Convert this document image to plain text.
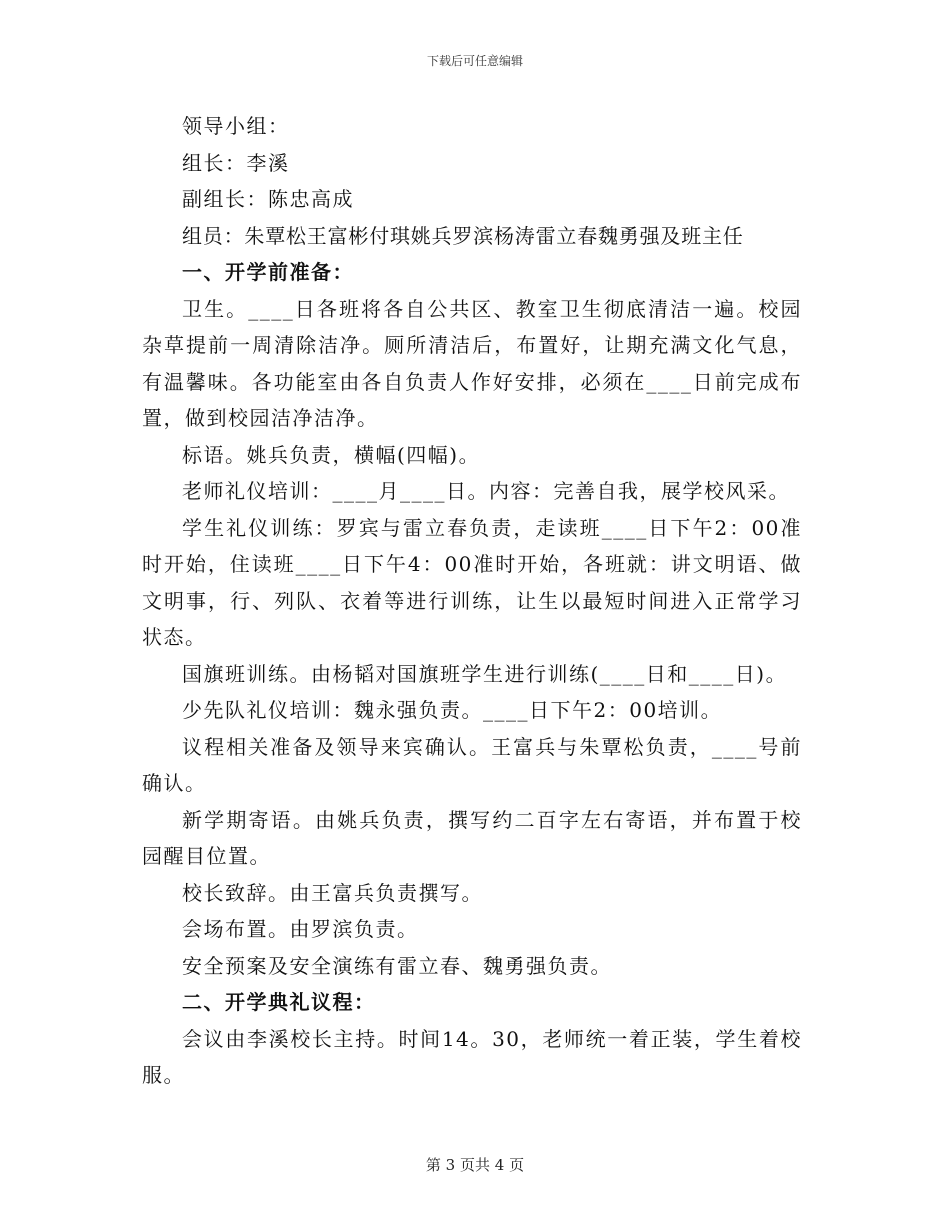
下载后可任意编辑

领导小组：

组长：李溪

副组长：陈忠高成

组员：朱覃松王富彬付琪姚兵罗滨杨涛雷立春魏勇强及班主任

一、开学前准备：

卫生。____日各班将各自公共区、教室卫生彻底清洁一遍。校园杂草提前一周清除洁净。厕所清洁后，布置好，让期充满文化气息，有温馨味。各功能室由各自负责人作好安排，必须在____日前完成布置，做到校园洁净洁净。

标语。姚兵负责，横幅(四幅)。

老师礼仪培训：____月____日。内容：完善自我，展学校风采。

学生礼仪训练：罗宾与雷立春负责，走读班____日下午2：00准时开始，住读班____日下午4：00准时开始，各班就：讲文明语、做文明事，行、列队、衣着等进行训练，让生以最短时间进入正常学习状态。

国旗班训练。由杨韬对国旗班学生进行训练(____日和____日)。

少先队礼仪培训：魏永强负责。____日下午2：00培训。

议程相关准备及领导来宾确认。王富兵与朱覃松负责，____号前确认。

新学期寄语。由姚兵负责，撰写约二百字左右寄语，并布置于校园醒目位置。

校长致辞。由王富兵负责撰写。

会场布置。由罗滨负责。

安全预案及安全演练有雷立春、魏勇强负责。

二、开学典礼议程：

会议由李溪校长主持。时间14。30，老师统一着正装，学生着校服。

第 3 页共 4 页
